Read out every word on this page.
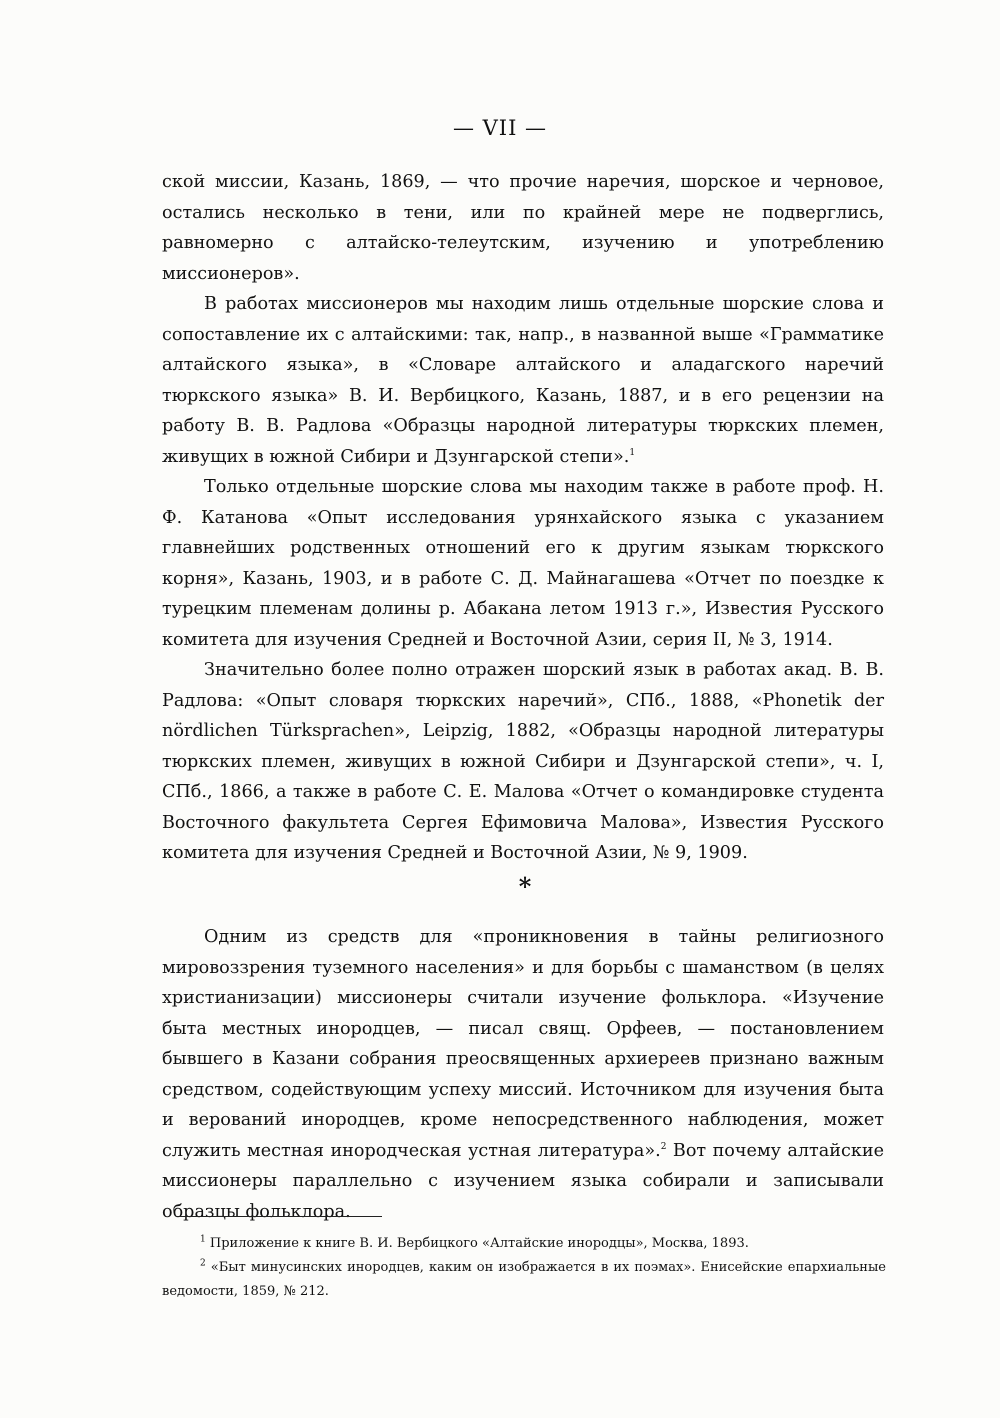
— VII —

ской миссии, Казань, 1869, — что прочие наречия, шорское и черновое, остались несколько в тени, или по крайней мере не подверглись, равномерно с алтайско-телеутским, изучению и употреблению миссионеров».

В работах миссионеров мы находим лишь отдельные шорские слова и сопоставление их с алтайскими: так, напр., в названной выше «Грамматике алтайского языка», в «Словаре алтайского и аладагского наречий тюркского языка» В. И. Вербицкого, Казань, 1887, и в его рецензии на работу В. В. Радлова «Образцы народной литературы тюркских племен, живущих в южной Сибири и Дзунгарской степи».$^1$

Только отдельные шорские слова мы находим также в работе проф. Н. Ф. Катанова «Опыт исследования урянхайского языка с указанием главнейших родственных отношений его к другим языкам тюркского корня», Казань, 1903, и в работе С. Д. Майнагашева «Отчет по поездке к турецким племенам долины р. Абакана летом 1913 г.», Известия Русского комитета для изучения Средней и Восточной Азии, серия II, № 3, 1914.

Значительно более полно отражен шорский язык в работах акад. В. В. Радлова: «Опыт словаря тюркских наречий», СПб., 1888, «Phonetik der nördlichen Türksprachen», Leipzig, 1882, «Образцы народной литературы тюркских племен, живущих в южной Сибири и Дзунгарской степи», ч. I, СПб., 1866, а также в работе С. Е. Малова «Отчет о командировке студента Восточного факультета Сергея Ефимовича Малова», Известия Русского комитета для изучения Средней и Восточной Азии, № 9, 1909.

*

Одним из средств для «проникновения в тайны религиозного мировоззрения туземного населения» и для борьбы с шаманством (в целях христианизации) миссионеры считали изучение фольклора. «Изучение быта местных инородцев, — писал свящ. Орфеев, — постановлением бывшего в Казани собрания преосвященных архиереев признано важным средством, содействующим успеху миссий. Источником для изучения быта и верований инородцев, кроме непосредственного наблюдения, может служить местная инородческая устная литература».$^2$ Вот почему алтайские миссионеры параллельно с изучением языка собирали и записывали образцы фольклора.

$^1$ Приложение к книге В. И. Вербицкого «Алтайские инородцы», Москва, 1893.

$^2$ «Быт минусинских инородцев, каким он изображается в их поэмах». Енисейские епархиальные ведомости, 1859, № 212.
